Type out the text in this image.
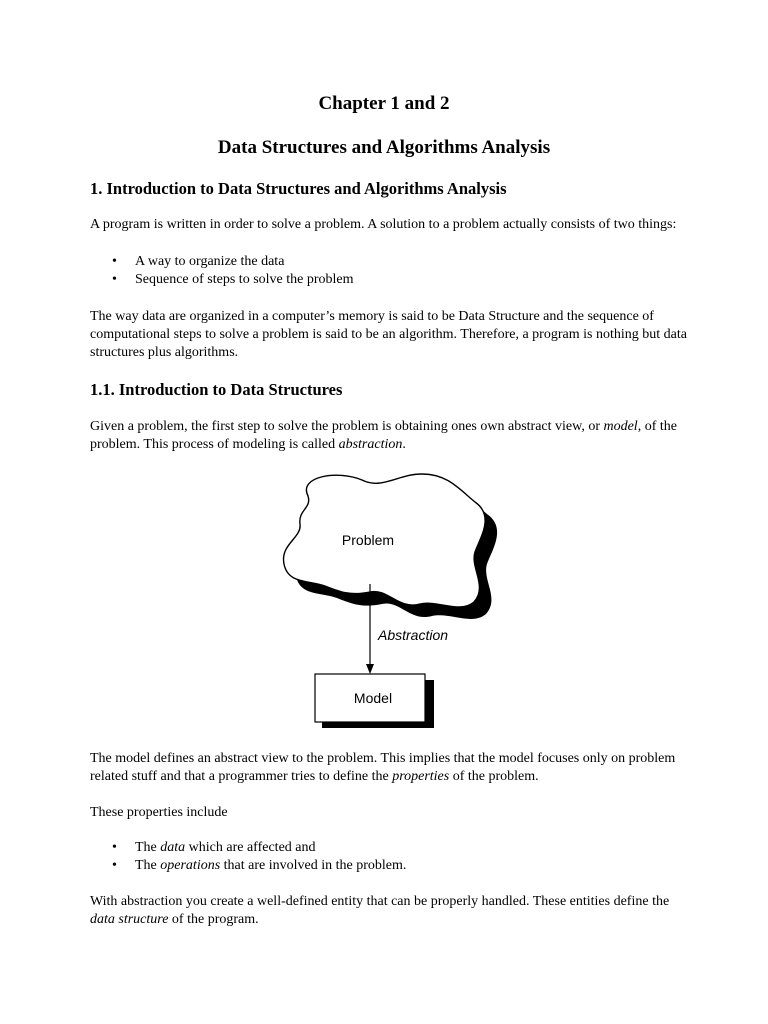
Chapter 1 and 2
Data Structures and Algorithms Analysis
1. Introduction to Data Structures and Algorithms Analysis

A program is written in order to solve a problem. A solution to a problem actually consists of two things:

• A way to organize the data
• Sequence of steps to solve the problem

The way data are organized in a computer’s memory is said to be Data Structure and the sequence of computational steps to solve a problem is said to be an algorithm. Therefore, a program is nothing but data structures plus algorithms.

1.1. Introduction to Data Structures

Given a problem, the first step to solve the problem is obtaining ones own abstract view, or model, of the problem. This process of modeling is called abstraction.

Problem
Abstraction
Model

The model defines an abstract view to the problem. This implies that the model focuses only on problem related stuff and that a programmer tries to define the properties of the problem.

These properties include

• The data which are affected and
• The operations that are involved in the problem.

With abstraction you create a well-defined entity that can be properly handled. These entities define the data structure of the program.
